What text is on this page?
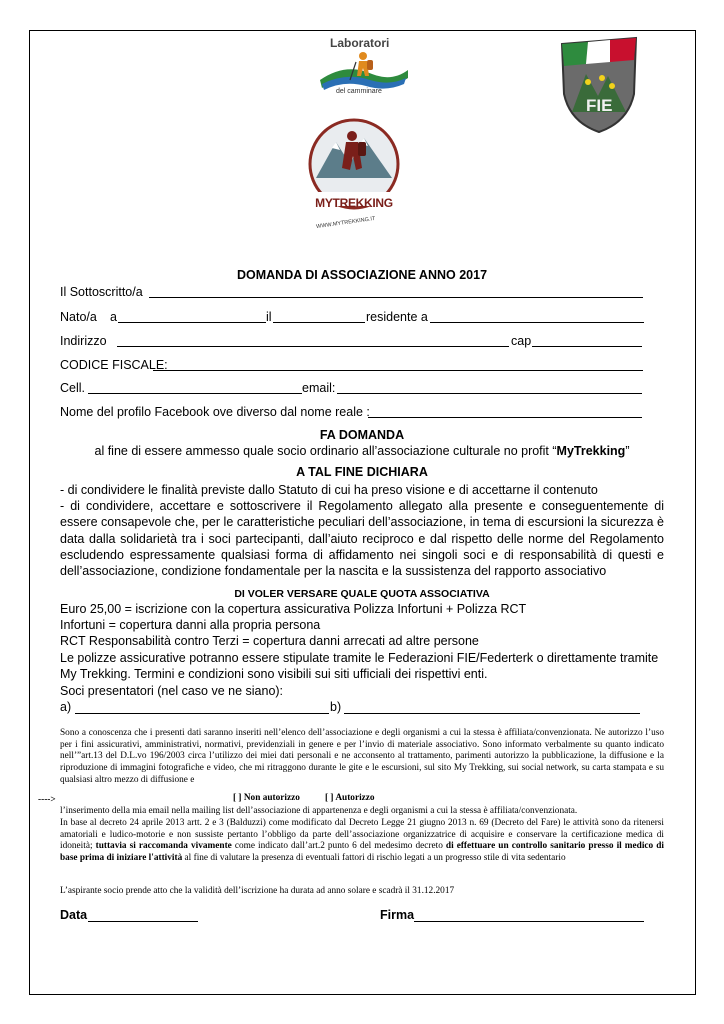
Laboratori
del camminare
FIE
MYTREKKING
WWW.MYTREKKING.IT
DOMANDA DI ASSOCIAZIONE ANNO 2017
Il Sottoscritto/a
Nato/a a	il	residente a
Indirizzo	cap
CODICE FISCALE:
Cell.	email:
Nome del profilo Facebook ove diverso dal nome reale :
FA DOMANDA
al fine di essere ammesso quale socio ordinario all’associazione culturale no profit “MyTrekking”
A TAL FINE DICHIARA
- di condividere le finalità previste dallo Statuto di cui ha preso visione e di accettarne il contenuto
- di condividere, accettare e sottoscrivere il Regolamento allegato alla presente e conseguentemente di essere consapevole che, per le caratteristiche peculiari dell’associazione, in tema di escursioni la sicurezza è data dalla solidarietà tra i soci partecipanti, dall’aiuto reciproco e dal rispetto delle norme del Regolamento escludendo espressamente qualsiasi forma di affidamento nei singoli soci e di responsabilità di questi e dell’associazione, condizione fondamentale per la nascita e la sussistenza del rapporto associativo
DI VOLER VERSARE QUALE QUOTA ASSOCIATIVA
Euro 25,00 = iscrizione con la copertura assicurativa Polizza Infortuni + Polizza RCT
Infortuni = copertura danni alla propria persona
RCT Responsabilità contro Terzi = copertura danni arrecati ad altre persone
Le polizze assicurative potranno essere stipulate tramite le Federazioni FIE/Federterk o direttamente tramite
My Trekking. Termini e condizioni sono visibili sui siti ufficiali dei rispettivi enti.
Soci presentatori (nel caso ve ne siano):
a)	b)
Sono a conoscenza che i presenti dati saranno inseriti nell’elenco dell’associazione e degli organismi a cui la stessa è affiliata/convenzionata. Ne autorizzo l’uso per i fini assicurativi, amministrativi, normativi, previdenziali in genere e per l’invio di materiale associativo. Sono informato verbalmente su quanto indicato nell’”art.13 del D.L.vo 196/2003 circa l’utilizzo dei miei dati personali e ne acconsento al trattamento, parimenti autorizzo la pubblicazione, la diffusione e la riproduzione di immagini fotografiche e video, che mi ritraggono durante le gite e le escursioni, sul sito My Trekking, sui social network, su carta stampata e su qualsiasi altro mezzo di diffusione e
---->	[ ] Non autorizzo	[ ] Autorizzo
l’inserimento della mia email nella mailing list dell’associazione di appartenenza e degli organismi a cui la stessa è affiliata/convenzionata.
In base al decreto 24 aprile 2013 artt. 2 e 3 (Balduzzi) come modificato dal Decreto Legge 21 giugno 2013 n. 69 (Decreto del Fare) le attività sono da ritenersi amatoriali e ludico-motorie e non sussiste pertanto l’obbligo da parte dell’associazione organizzatrice di acquisire e conservare la certificazione medica di idoneità; tuttavia si raccomanda vivamente come indicato dall’art.2 punto 6 del medesimo decreto di effettuare un controllo sanitario presso il medico di base prima di iniziare l'attività al fine di valutare la presenza di eventuali fattori di rischio legati a un progresso stile di vita sedentario
L’aspirante socio prende atto che la validità dell’iscrizione ha durata ad anno solare e scadrà il 31.12.2017
Data	Firma
